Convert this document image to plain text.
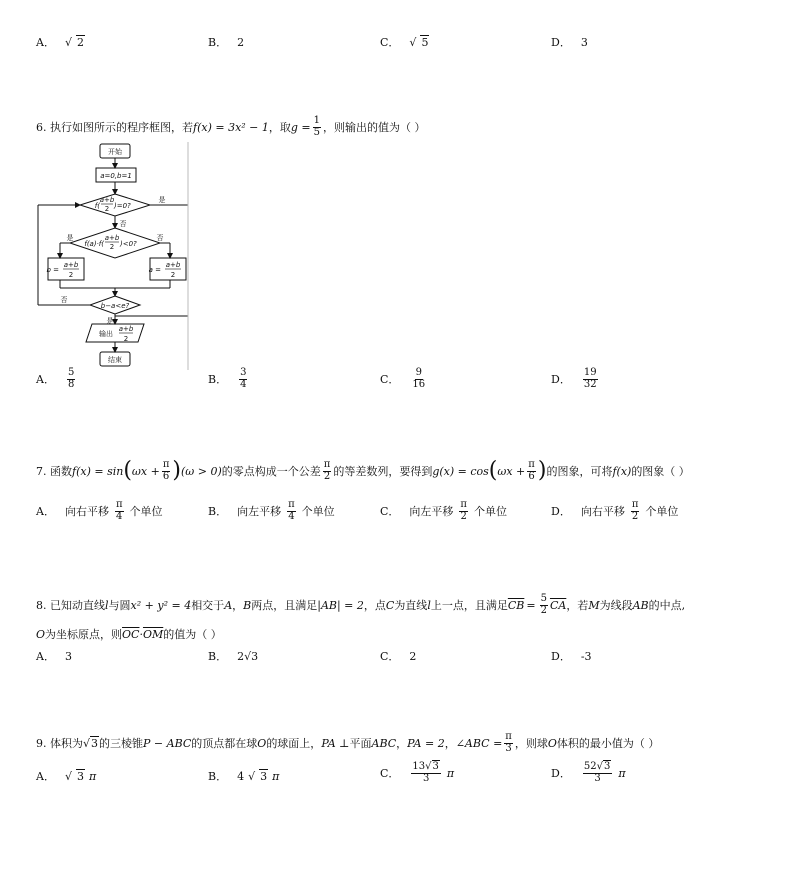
A． √ 2	B． 2	C． √ 5	D． 3
6. 执行如图所示的程序框图，若 f(x) = 3x² − 1 ，取 $g = \frac{1}{5}$ ，则输出的值为（ ）
开始
a=0,b=1
f(
a+b
2 )=0?
是
否
f(a)·f(
a+b
2 )<0?
是	否
b =
a+b
2
a =
a+b
2
b−a<e?
否
是
输出
a+b
2
结束
A． $\frac{5}{8}$	B． $\frac{3}{4}$	C． $\frac{9}{16}$	D． $\frac{19}{32}$
7. 函数 f(x) = sin ( $\omega x + \frac{\pi}{6}$ ) (ω > 0) 的零点构成一个公差 $\frac{\pi}{2}$ 的等差数列，要得到 g(x) = cos ( $\omega x + \frac{\pi}{6}$ ) 的图象，可将 f(x) 的图象（ ）
A． 向右平移 $\frac{\pi}{4}$ 个单位	B． 向左平移 $\frac{\pi}{4}$ 个单位	C． 向左平移 $\frac{\pi}{2}$ 个单位	D． 向右平移 $\frac{\pi}{2}$ 个单位
8. 已知动直线 l 与圆 x² + y² = 4 相交于 A ， B 两点，且满足 |AB| = 2 ，点 C 为直线 l 上一点，且满足 $\overline{CB} = \frac{5}{2} \overline{CA}$ ，若 M 为线段 AB 的中点,
O 为坐标原点，则 $\overline{OC} \cdot \overline{OM}$ 的值为（ ）
A． 3	B． 2√3	C． 2	D． -3
9. 体积为 √ 3 的三棱锥 P − ABC 的顶点都在球 O 的球面上， PA ⊥ 平面 ABC ， PA = 2 ， ∠ABC = $\frac{\pi}{3}$ ，则球 O 体积的最小值为（ ）
A． √ 3 π	B． 4 √ 3 π	C． $\frac{13√3}{3}$ π	D． $\frac{52√3}{3}$ π
